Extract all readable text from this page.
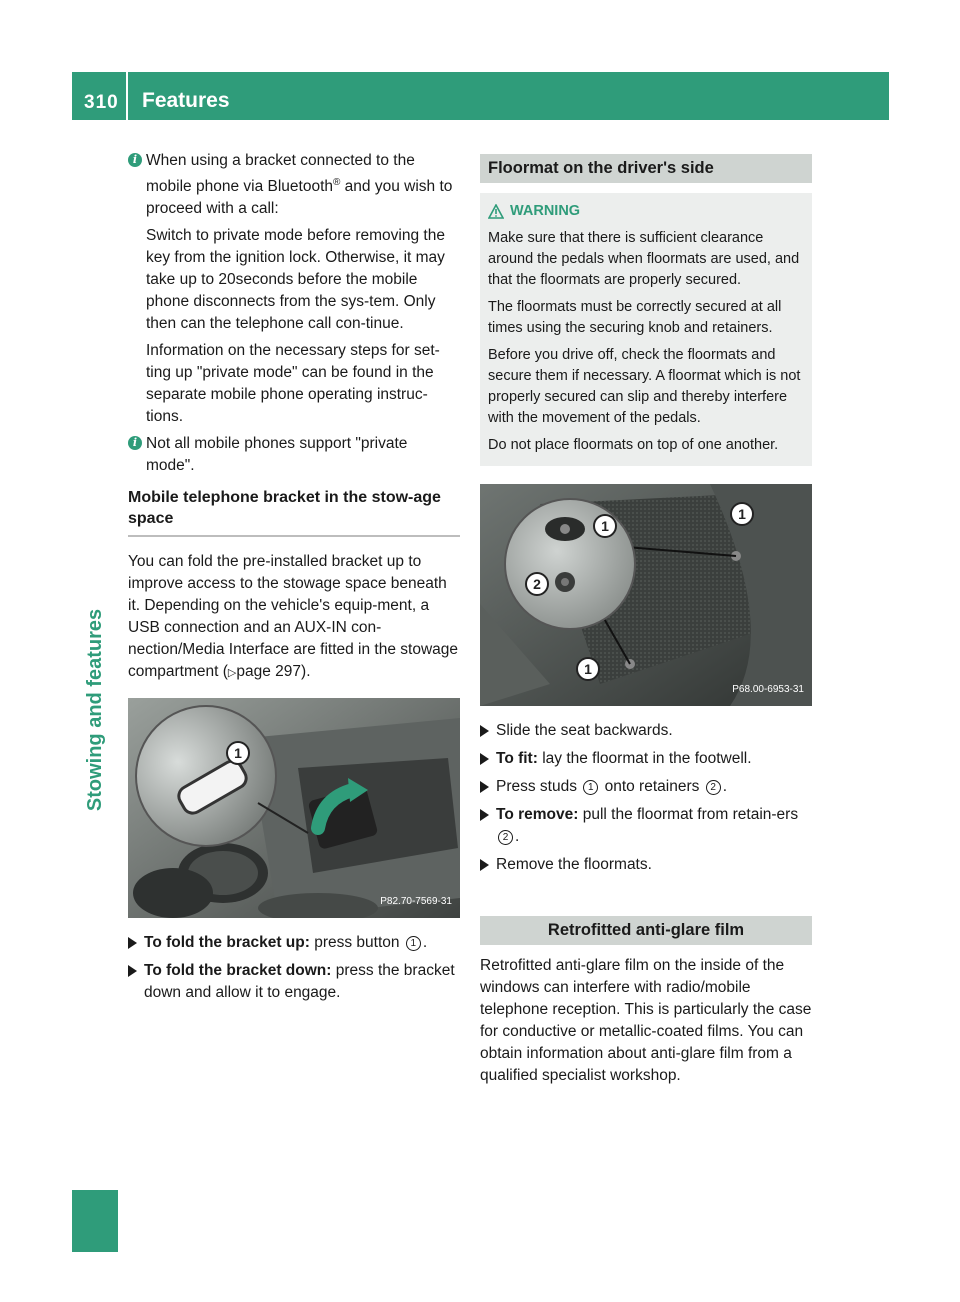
310	Features
Stowing and features
i When using a bracket connected to the mobile phone via Bluetooth® and you wish to proceed with a call:

Switch to private mode before removing the key from the ignition lock. Otherwise, it may take up to 20seconds before the mobile phone disconnects from the sys-tem. Only then can the telephone call con-tinue.

Information on the necessary steps for set-ting up "private mode" can be found in the separate mobile phone operating instruc-tions.

i Not all mobile phones support "private mode".

Mobile telephone bracket in the stow-age space

You can fold the pre-installed bracket up to improve access to the stowage space beneath it. Depending on the vehicle's equip-ment, a USB connection and an AUX-IN con-nection/Media Interface are fitted in the stowage compartment (▷page 297).

1
P82.70-7569-31
To fold the bracket up: press button 1 .
To fold the bracket down: press the bracket down and allow it to engage.
Floormat on the driver's side
WARNING

Make sure that there is sufficient clearance around the pedals when floormats are used, and that the floormats are properly secured.

The floormats must be correctly secured at all times using the securing knob and retainers.

Before you drive off, check the floormats and secure them if necessary. A floormat which is not properly secured can slip and thereby interfere with the movement of the pedals.

Do not place floormats on top of one another.

1
2
1
1
P68.00-6953-31
Slide the seat backwards.
To fit: lay the floormat in the footwell.
Press studs 1 onto retainers 2 .
To remove: pull the floormat from retain-ers 2 .
Remove the floormats.
Retrofitted anti-glare film

Retrofitted anti-glare film on the inside of the windows can interfere with radio/mobile telephone reception. This is particularly the case for conductive or metallic-coated films. You can obtain information about anti-glare film from a qualified specialist workshop.
